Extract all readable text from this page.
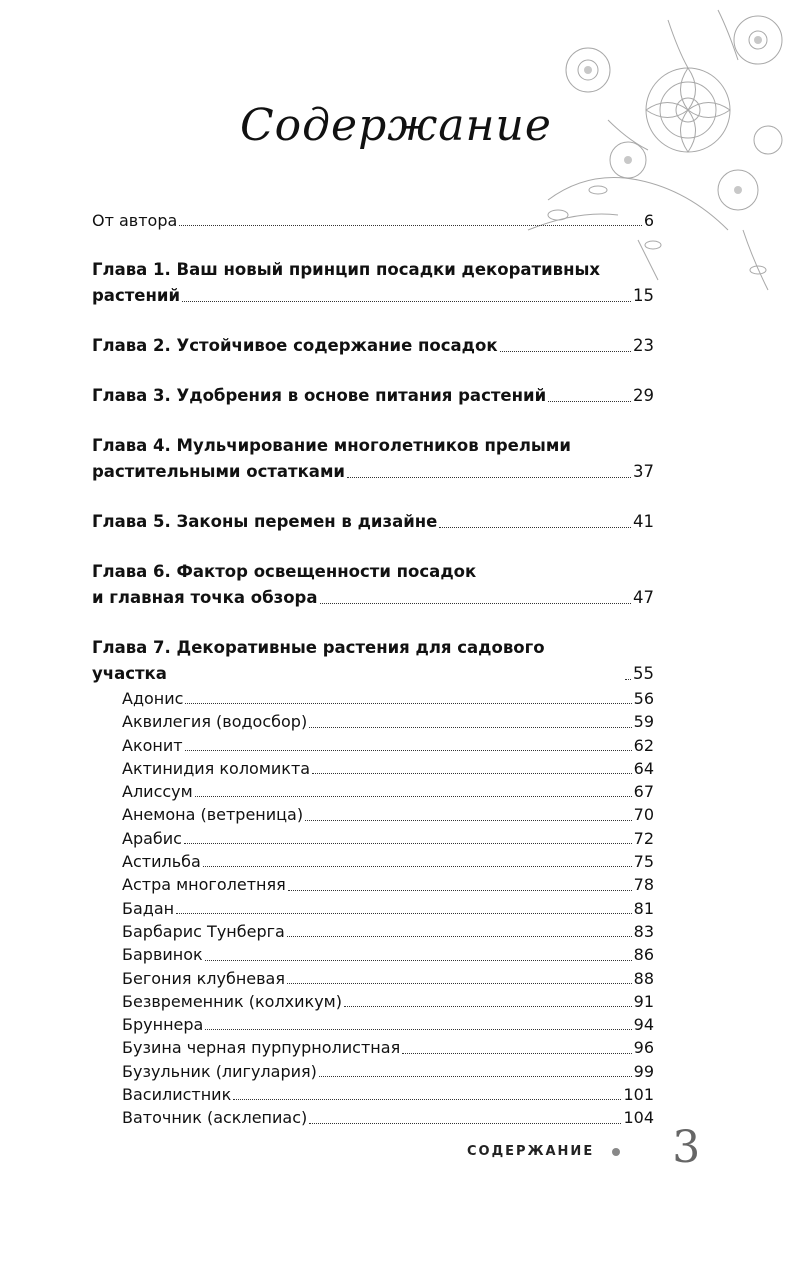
Содержание
От автора	6
Глава 1. Ваш новый принцип посадки декоративных
растений	15
Глава 2. Устойчивое содержание посадок	23
Глава 3. Удобрения в основе питания растений	29
Глава 4. Мульчирование многолетников прелыми
растительными остатками	37
Глава 5. Законы перемен в дизайне	41
Глава 6. Фактор освещенности посадок
и главная точка обзора	47
Глава 7. Декоративные растения для садового участка	55
Адонис	56
Аквилегия (водосбор)	59
Аконит	62
Актинидия коломикта	64
Алиссум	67
Анемона (ветреница)	70
Арабис	72
Астильба	75
Астра многолетняя	78
Бадан	81
Барбарис Тунберга	83
Барвинок	86
Бегония клубневая	88
Безвременник (колхикум)	91
Бруннера	94
Бузина черная пурпурнолистная	96
Бузульник (лигулария)	99
Василистник	101
Ваточник (асклепиас)	104
СОДЕРЖАНИЕ 3
